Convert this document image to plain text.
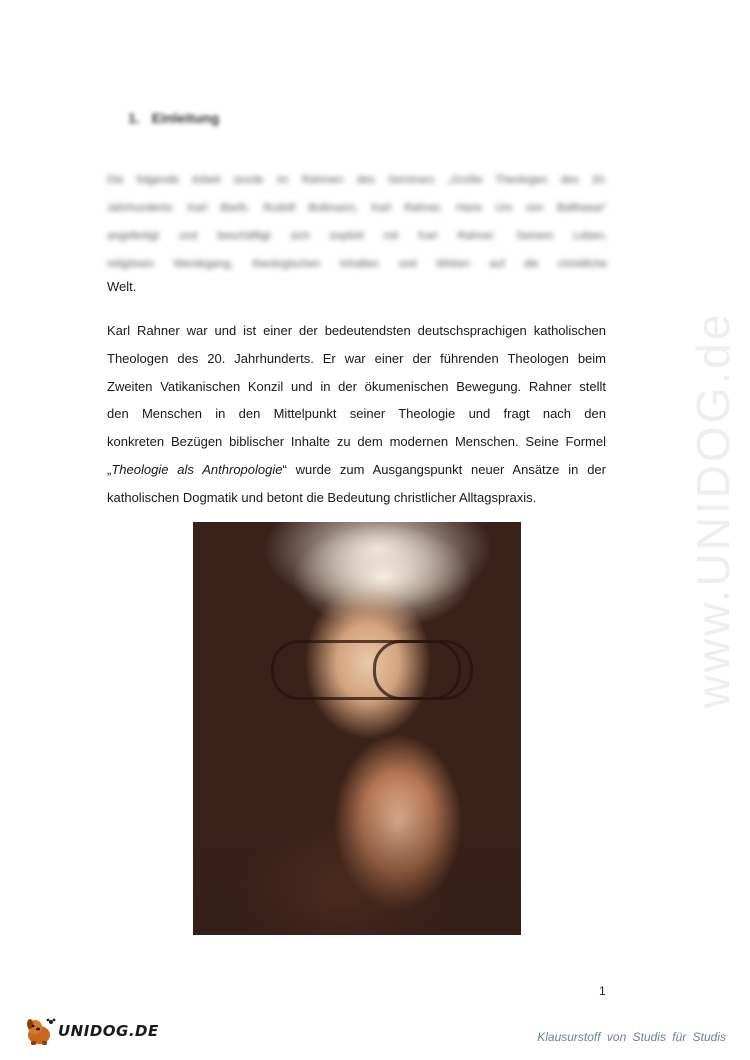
1. Einleitung
Die folgende Arbeit wurde im Rahmen des Seminars „Große Theologen des 20.
Jahrhunderts: Karl Barth, Rudolf Bultmann, Karl Rahner, Hans Urs von Balthasar“
angefertigt und beschäftigt sich explizit mit Karl Rahner. Seinem Leben,
religiösen Werdegang, theologischen Inhalten und Wirken auf die christliche
Welt.
Karl Rahner war und ist einer der bedeutendsten deutschsprachigen katholischen
Theologen des 20. Jahrhunderts. Er war einer der führenden Theologen beim
Zweiten Vatikanischen Konzil und in der ökumenischen Bewegung. Rahner stellt
den Menschen in den Mittelpunkt seiner Theologie und fragt nach den
konkreten Bezügen biblischer Inhalte zu dem modernen Menschen. Seine Formel
„Theologie als Anthropologie“ wurde zum Ausgangspunkt neuer Ansätze in der
katholischen Dogmatik und betont die Bedeutung christlicher Alltagspraxis.	www.UNIDOG.de
1
UNIDOG.DE	Klausurstoff von Studis für Studis
